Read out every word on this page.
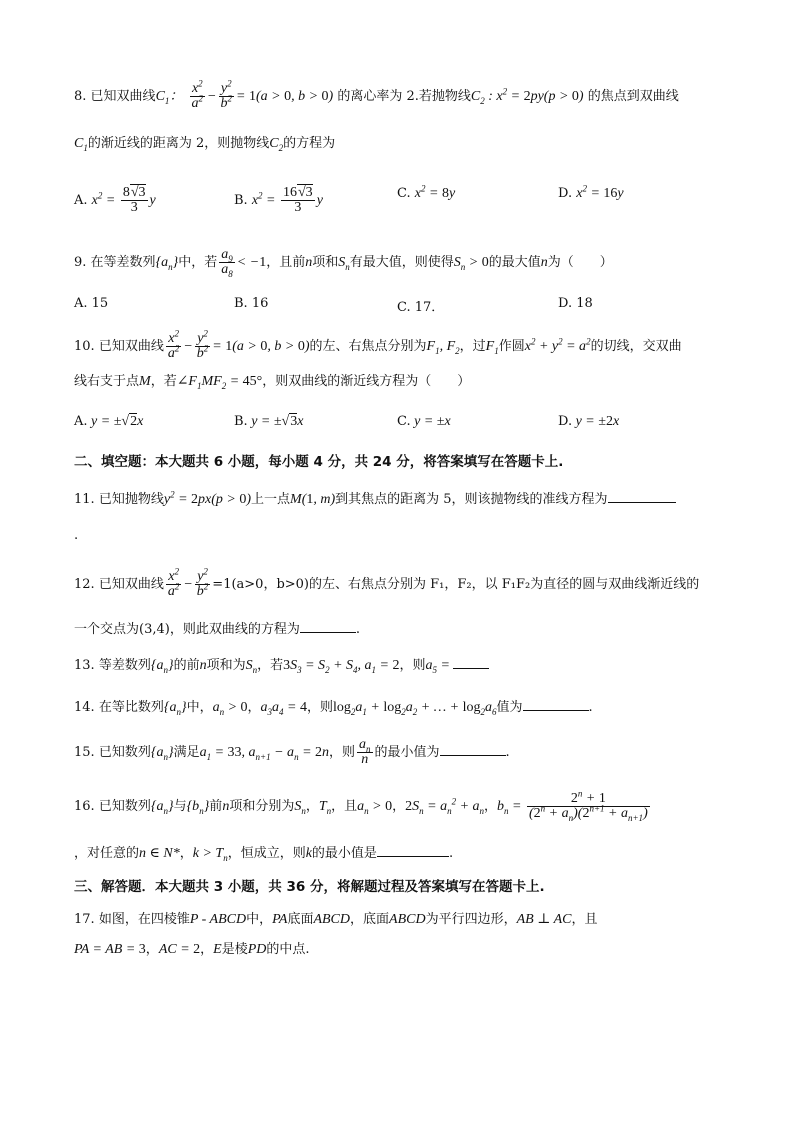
8. 已知双曲线$C_1$： $\frac{x^2}{a^2} - \frac{y^2}{b^2} = 1(a > 0$, b > 0) 的离心率为 2.若抛物线$C_2$ : $x^2 = 2py(p > 0)$ 的焦点到双曲线
$C_1$的渐近线的距离为 2，则抛物线$C_2$的方程为
A. $x^2 = \frac{8√3}{3}$ y	B. $x^2 = \frac{16√3}{3}$ y	C. $x^2 = 8y$	D. $x^2 = 16y$
9. 在等差数列$\{a_n\}$中，若 $\frac{a_9}{a_8} < -1$，且前n项和$S_n$有最大值，则使得$S_n > 0$的最大值n为（　　）
A. 15	B. 16	C. 17．	D. 18
10. 已知双曲线 $\frac{x^2}{a^2} - \frac{y^2}{b^2} = 1(a > 0$, b > 0)的左、右焦点分别为$F_1$, $F_2$，过$F_1$作圆$x^2 + y^2 = a^2$的切线，交双曲
线右支于点M，若$\angle F_1MF_2 = 45^\circ$，则双曲线的渐近线方程为（　　）
A. y = ±√2x	B. y = ±√3x	C. y = ±x	D. y = ±2x
二、填空题：本大题共 6 小题，每小题 4 分，共 24 分，将答案填写在答题卡上.
11. 已知抛物线$y^2 = 2px(p > 0)$上一点M(1, m)到其焦点的距离为 5，则该抛物线的准线方程为
.
12. 已知双曲线 $\frac{x^2}{a^2} - \frac{y^2}{b^2} =1(a>0$，b>0)的左、右焦点分别为 F₁，F₂，以 F₁F₂为直径的圆与双曲线渐近线的
一个交点为(3,4)，则此双曲线的方程为	.
13. 等差数列$\{a_n\}$的前n项和为$S_n$，若$3S_3 = S_2 + S_4$, $a_1 = 2$，则$a_5$ =
14. 在等比数列$\{a_n\}$中，$a_n > 0$，$a_3a_4 = 4$，则$\log_2a_1 + \log_2a_2$ + … + $\log_2a_6$值为	.
15. 已知数列$\{a_n\}$满足$a_1 = 33$, $a_{n+1} - a_n = 2n$，则 $\frac{a_n}{n}$ 的最小值为	.
16. 已知数列$\{a_n\}$与$\{b_n\}$前n项和分别为$S_n$，$T_n$，且$a_n > 0$，$2S_n = a_n^2 + a_n$，$b_n = \frac{2^n + 1}{(2^n + a_n)(2^{n+1} + a_{n+1})}$
，对任意的n ∈ N*，$k > T_n$，恒成立，则k的最小值是	.
三、解答题．本大题共 3 小题，共 36 分，将解题过程及答案填写在答题卡上.
17. 如图，在四棱锥P - ABCD中，PA底面ABCD，底面ABCD为平行四边形，AB ⊥ AC，且
PA = AB = 3，AC = 2，E是棱PD的中点.
